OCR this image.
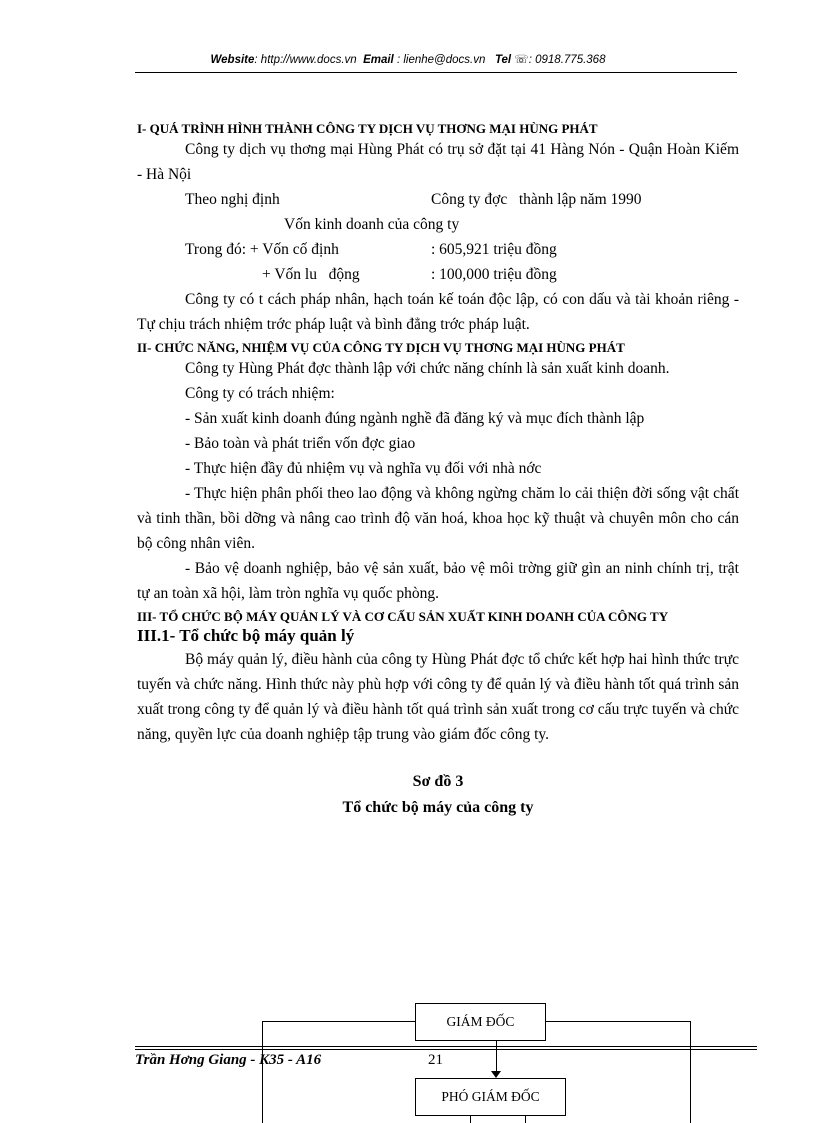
Website: http://www.docs.vn Email : lienhe@docs.vn Tel ☏: 0918.775.368
I- QUÁ TRÌNH HÌNH THÀNH CÔNG TY DỊCH VỤ THƠNG MẠI HÙNG PHÁT

Công ty dịch vụ thơng mại Hùng Phát có trụ sở đặt tại 41 Hàng Nón - Quận Hoàn Kiếm - Hà Nội

Theo nghị định	Công ty đợc   thành lập năm 1990

Vốn kinh doanh của công ty

Trong đó: + Vốn cố định	: 605,921 triệu đồng

+ Vốn lu   động	: 100,000 triệu đồng

Công ty có t cách pháp nhân, hạch toán kế toán độc lập, có con dấu và tài khoản riêng - Tự chịu trách nhiệm trớc pháp luật và bình đẳng trớc pháp luật.

II- CHỨC NĂNG, NHIỆM VỤ CỦA CÔNG TY DỊCH VỤ THƠNG MẠI HÙNG PHÁT

Công ty Hùng Phát đợc thành lập với chức năng chính là sản xuất kinh doanh.

Công ty có trách nhiệm:

- Sản xuất kinh doanh đúng ngành nghề đã đăng ký và mục đích thành lập

- Bảo toàn và phát triển vốn đợc giao

- Thực hiện đầy đủ nhiệm vụ và nghĩa vụ đối với nhà nớc

- Thực hiện phân phối theo lao động và không ngừng chăm lo cải thiện đời sống vật chất và tinh thần, bồi dỡng và nâng cao trình độ văn hoá, khoa học kỹ thuật và chuyên môn cho cán bộ công nhân viên.

- Bảo vệ doanh nghiệp, bảo vệ sản xuất, bảo vệ môi trờng giữ gìn an ninh chính trị, trật tự an toàn xã hội, làm tròn nghĩa vụ quốc phòng.

III- TỔ CHỨC BỘ MÁY QUẢN LÝ VÀ CƠ CẤU SẢN XUẤT KINH DOANH CỦA CÔNG TY
III.1- Tổ chức bộ máy quản lý

Bộ máy quản lý, điều hành của công ty Hùng Phát đợc tổ chức kết hợp hai hình thức trực tuyến và chức năng. Hình thức này phù hợp với công ty để quản lý và điều hành tốt quá trình sản xuất trong công ty để quản lý và điều hành tốt quá trình sản xuất trong cơ cấu trực tuyến và chức năng, quyền lực của doanh nghiệp tập trung vào giám đốc công ty.

Sơ đồ 3
Tổ chức bộ máy của công ty
GIÁM ĐỐC
PHÓ GIÁM ĐỐC
Trần Hơng Giang - K35 - A16	21
